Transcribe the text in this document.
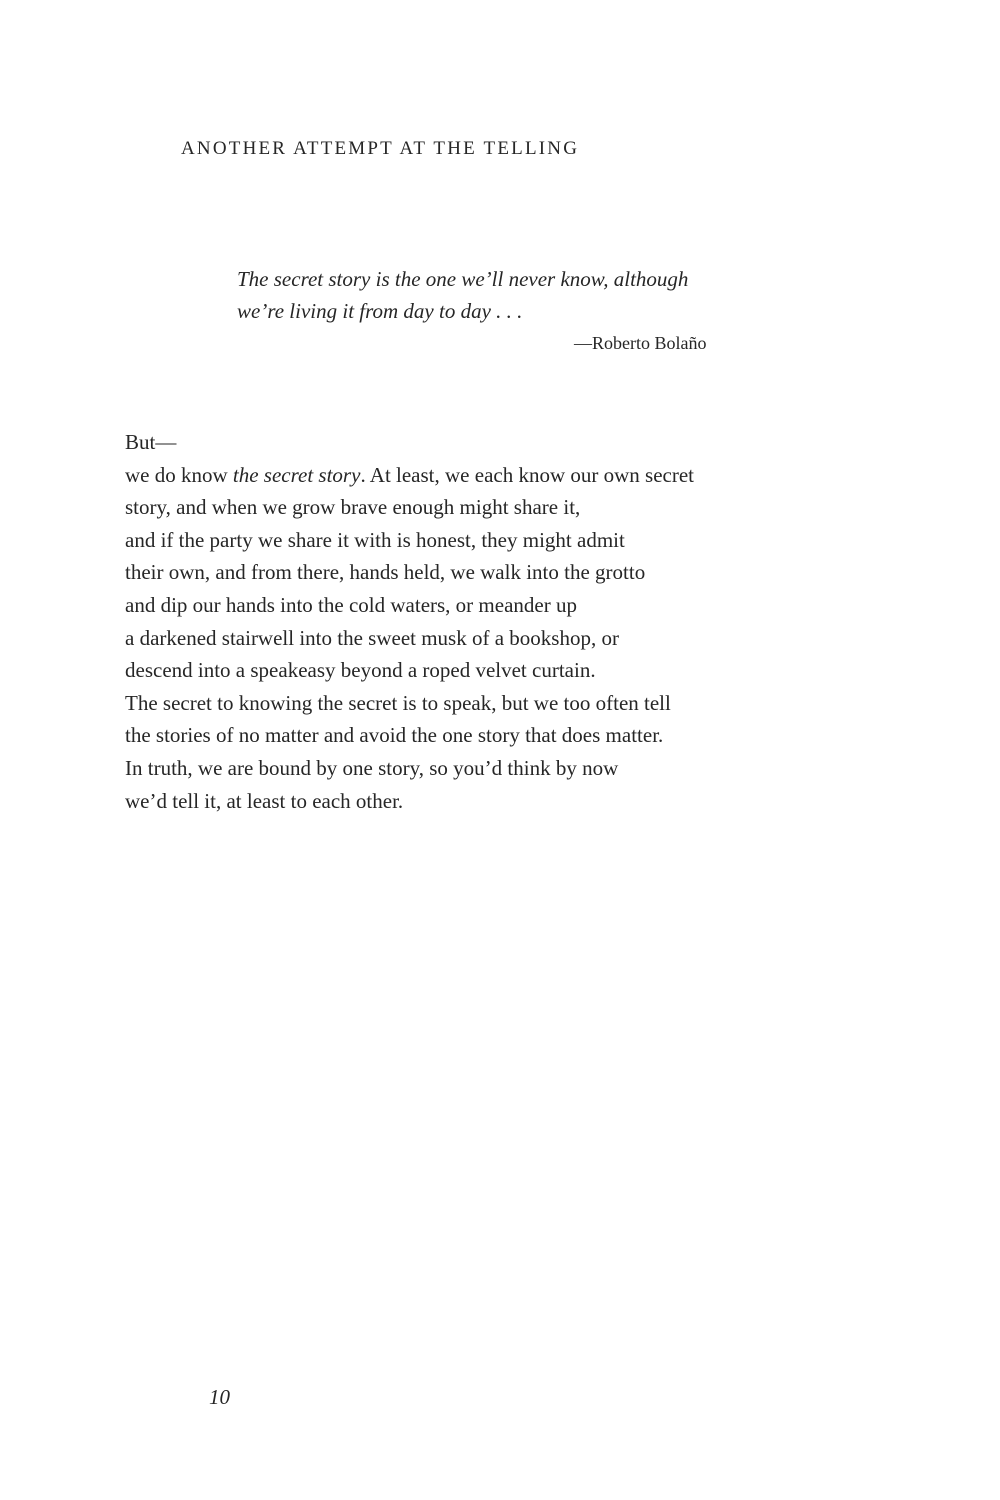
ANOTHER ATTEMPT AT THE TELLING
The secret story is the one we’ll never know, although
we’re living it from day to day . . .
—Roberto Bolaño
But—
we do know the secret story. At least, we each know our own secret
story, and when we grow brave enough might share it,
and if the party we share it with is honest, they might admit
their own, and from there, hands held, we walk into the grotto
and dip our hands into the cold waters, or meander up
a darkened stairwell into the sweet musk of a bookshop, or
descend into a speakeasy beyond a roped velvet curtain.
The secret to knowing the secret is to speak, but we too often tell
the stories of no matter and avoid the one story that does matter.
In truth, we are bound by one story, so you’d think by now
we’d tell it, at least to each other.
10
